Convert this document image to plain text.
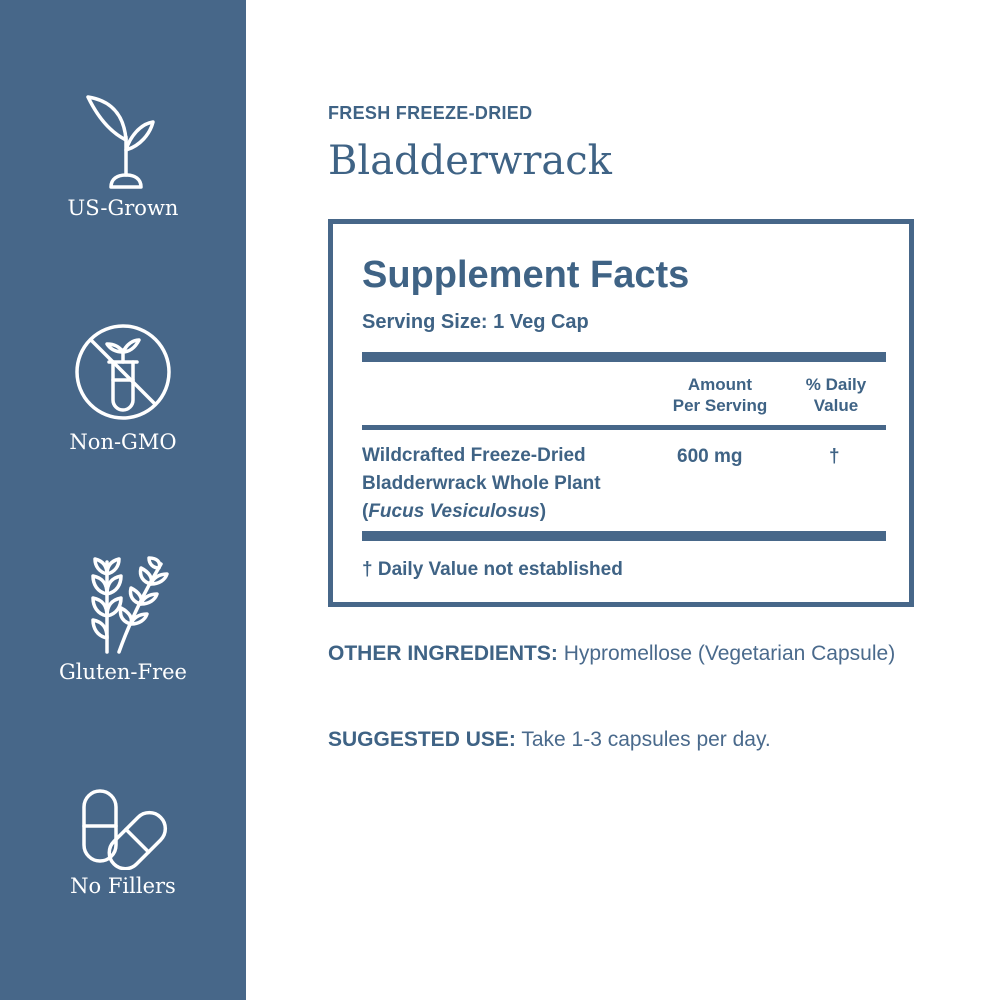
US-Grown
Non-GMO
Gluten-Free
No Fillers
FRESH FREEZE-DRIED
Bladderwrack
Supplement Facts
Serving Size: 1 Veg Cap
Amount
Per Serving
% Daily
Value
Wildcrafted Freeze-Dried
Bladderwrack Whole Plant
(Fucus Vesiculosus)
600 mg	†
† Daily Value not established
OTHER INGREDIENTS: Hypromellose (Vegetarian Capsule)
SUGGESTED USE: Take 1-3 capsules per day.
